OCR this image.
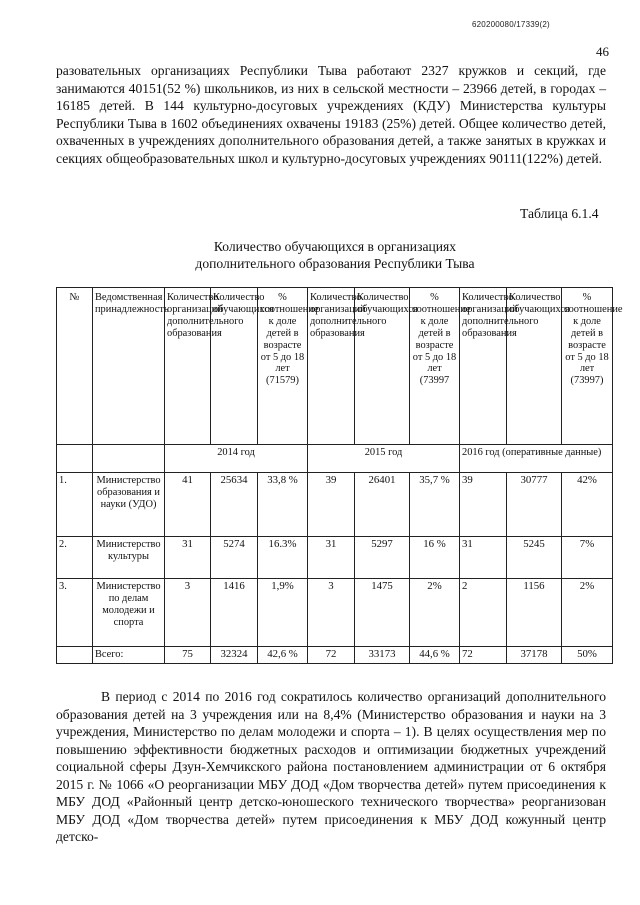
620200080/17339(2)
46

разовательных организациях Республики Тыва работают 2327 кружков и секций, где занимаются 40151(52 %) школьников, из них в сельской местности – 23966 детей, в городах – 16185 детей. В 144 культурно-досуговых учреждениях (КДУ) Министерства культуры Республики Тыва в 1602 объединениях охвачены 19183 (25%) детей. Общее количество детей, охваченных в учреждениях дополнительного образования детей, а также занятых в кружках и секциях общеобразовательных школ и культурно-досуговых учреждениях 90111(122%) детей.

Таблица 6.1.4
Количество обучающихся в организациях
дополнительного образования Республики Тыва
№	Ведомственная принадлежность	Количество организаций дополнительного образования	Количество обучающихся	% соотношение к доле детей в возрасте от 5 до 18 лет (71579)	Количество организаций дополнительного образования	Количество обучающихся	% соотношение к доле детей в возрасте от 5 до 18 лет (73997	Количество организаций дополнительного образования	Количество обучающихся	% соотношение к доле детей в возрасте от 5 до 18 лет (73997)
		2014 год			2015 год			2016 год (оперативные данные)		
1.	Министерство образования и науки (УДО)	41	25634	33,8 %	39	26401	35,7 %	39	30777	42%
2.	Министерство культуры	31	5274	16.3%	31	5297	16 %	31	5245	7%
3.	Министерство по делам молодежи и спорта	3	1416	1,9%	3	1475	2%	2	1156	2%
	Всего:	75	32324	42,6 %	72	33173	44,6 %	72	37178	50%

В период с 2014 по 2016 год сократилось количество организаций дополнительного образования детей на 3 учреждения или на 8,4% (Министерство образования и науки на 3 учреждения, Министерство по делам молодежи и спорта – 1). В целях осуществления мер по повышению эффективности бюджетных расходов и оптимизации бюджетных учреждений социальной сферы Дзун-Хемчикского района постановлением администрации от 6 октября 2015 г. № 1066 «О реорганизации МБУ ДОД «Дом творчества детей» путем присоединения к МБУ ДОД «Районный центр детско-юношеского технического творчества» реорганизован МБУ ДОД «Дом творчества детей» путем присоединения к МБУ ДОД кожунный центр детско-
